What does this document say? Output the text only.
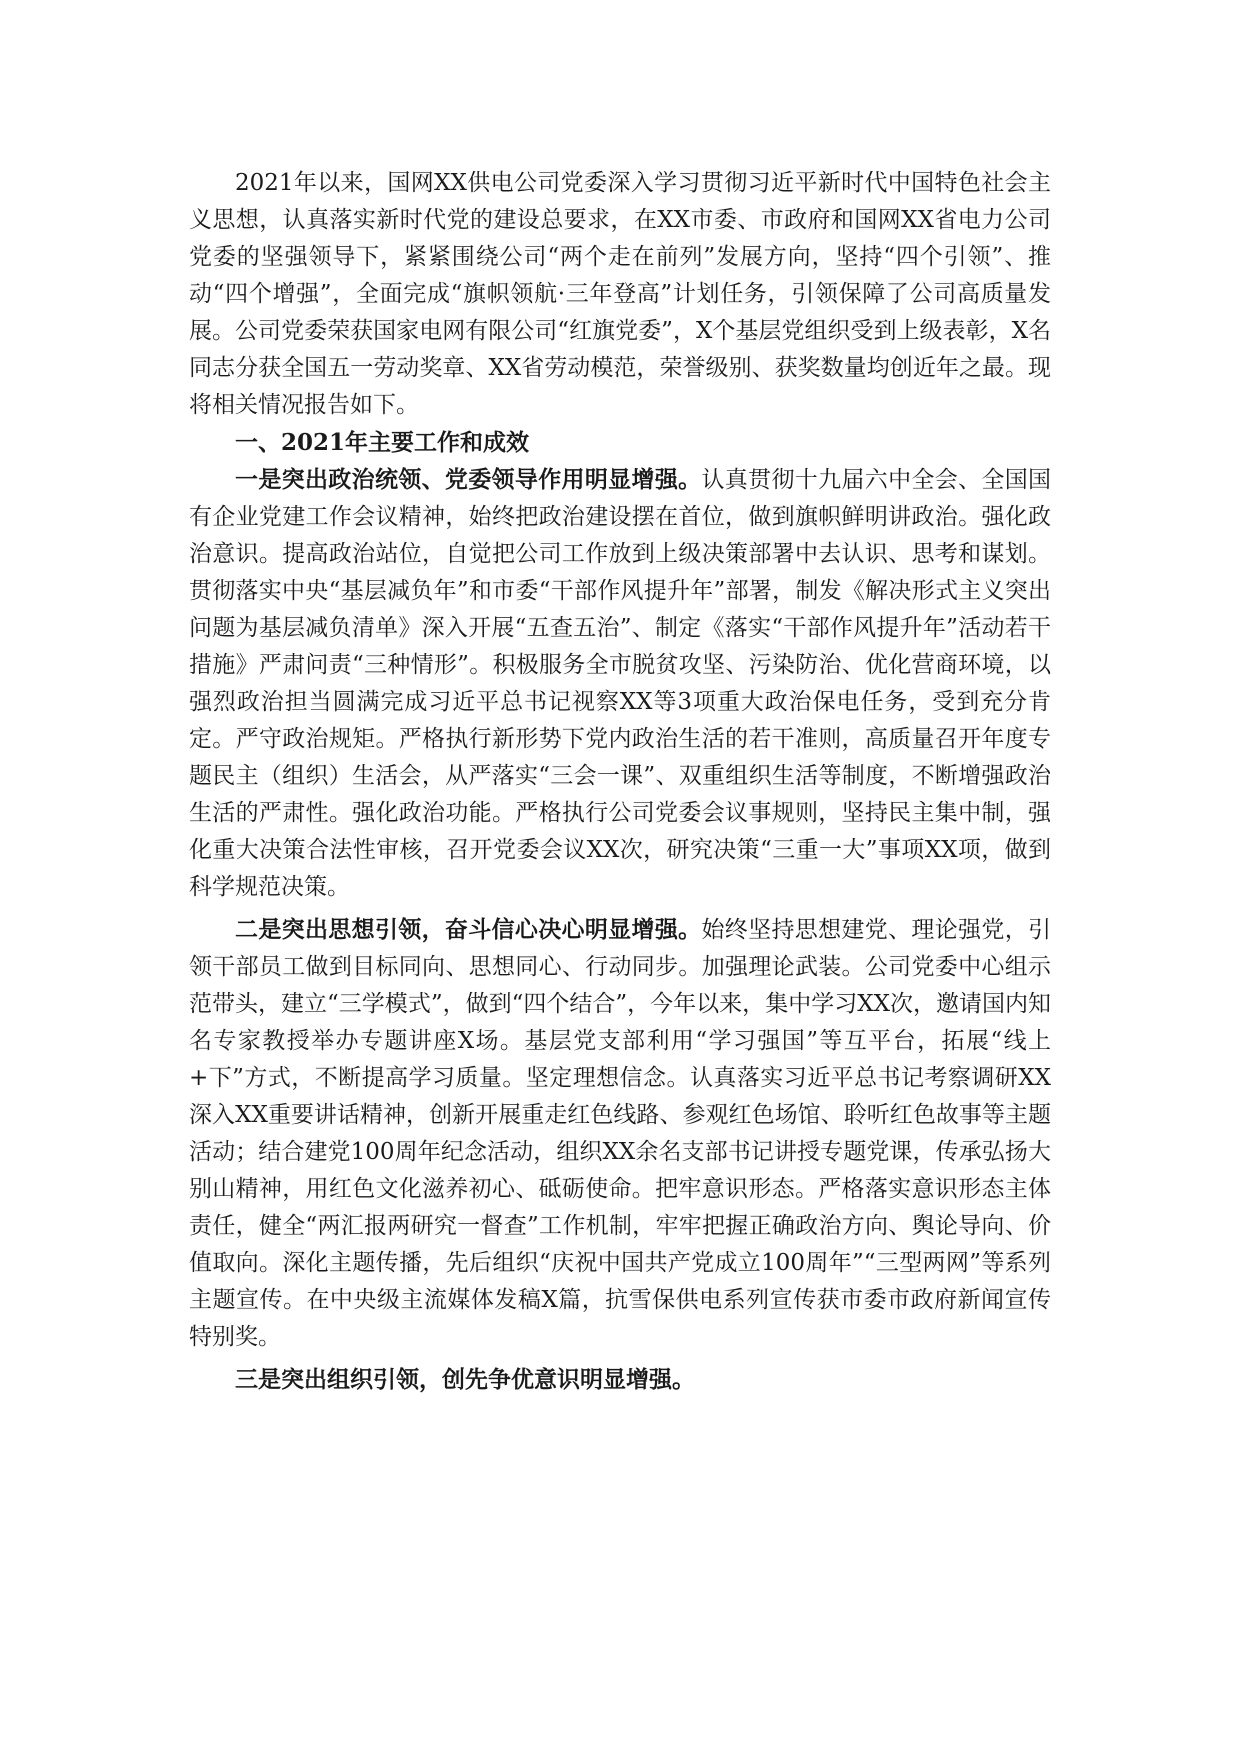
2021年以来，国网XX供电公司党委深入学习贯彻习近平新时代中国特色社会主义思想，认真落实新时代党的建设总要求，在XX市委、市政府和国网XX省电力公司党委的坚强领导下，紧紧围绕公司“两个走在前列”发展方向，坚持“四个引领”、推动“四个增强”，全面完成“旗帜领航·三年登高”计划任务，引领保障了公司高质量发展。公司党委荣获国家电网有限公司“红旗党委”，X个基层党组织受到上级表彰，X名同志分获全国五一劳动奖章、XX省劳动模范，荣誉级别、获奖数量均创近年之最。现将相关情况报告如下。

一、2021年主要工作和成效

一是突出政治统领、党委领导作用明显增强。认真贯彻十九届六中全会、全国国有企业党建工作会议精神，始终把政治建设摆在首位，做到旗帜鲜明讲政治。强化政治意识。提高政治站位，自觉把公司工作放到上级决策部署中去认识、思考和谋划。贯彻落实中央“基层减负年”和市委“干部作风提升年”部署，制发《解决形式主义突出问题为基层减负清单》深入开展“五查五治”、制定《落实“干部作风提升年”活动若干措施》严肃问责“三种情形”。积极服务全市脱贫攻坚、污染防治、优化营商环境，以强烈政治担当圆满完成习近平总书记视察XX等3项重大政治保电任务，受到充分肯定。严守政治规矩。严格执行新形势下党内政治生活的若干准则，高质量召开年度专题民主（组织）生活会，从严落实“三会一课”、双重组织生活等制度，不断增强政治生活的严肃性。强化政治功能。严格执行公司党委会议事规则，坚持民主集中制，强化重大决策合法性审核，召开党委会议XX次，研究决策“三重一大”事项XX项，做到科学规范决策。

二是突出思想引领，奋斗信心决心明显增强。始终坚持思想建党、理论强党，引领干部员工做到目标同向、思想同心、行动同步。加强理论武装。公司党委中心组示范带头，建立“三学模式”，做到“四个结合”，今年以来，集中学习XX次，邀请国内知名专家教授举办专题讲座X场。基层党支部利用“学习强国”等互平台，拓展“线上+下”方式，不断提高学习质量。坚定理想信念。认真落实习近平总书记考察调研XX深入XX重要讲话精神，创新开展重走红色线路、参观红色场馆、聆听红色故事等主题活动；结合建党100周年纪念活动，组织XX余名支部书记讲授专题党课，传承弘扬大别山精神，用红色文化滋养初心、砥砺使命。把牢意识形态。严格落实意识形态主体责任，健全“两汇报两研究一督查”工作机制，牢牢把握正确政治方向、舆论导向、价值取向。深化主题传播，先后组织“庆祝中国共产党成立100周年”“三型两网”等系列主题宣传。在中央级主流媒体发稿X篇，抗雪保供电系列宣传获市委市政府新闻宣传特别奖。

三是突出组织引领，创先争优意识明显增强。
